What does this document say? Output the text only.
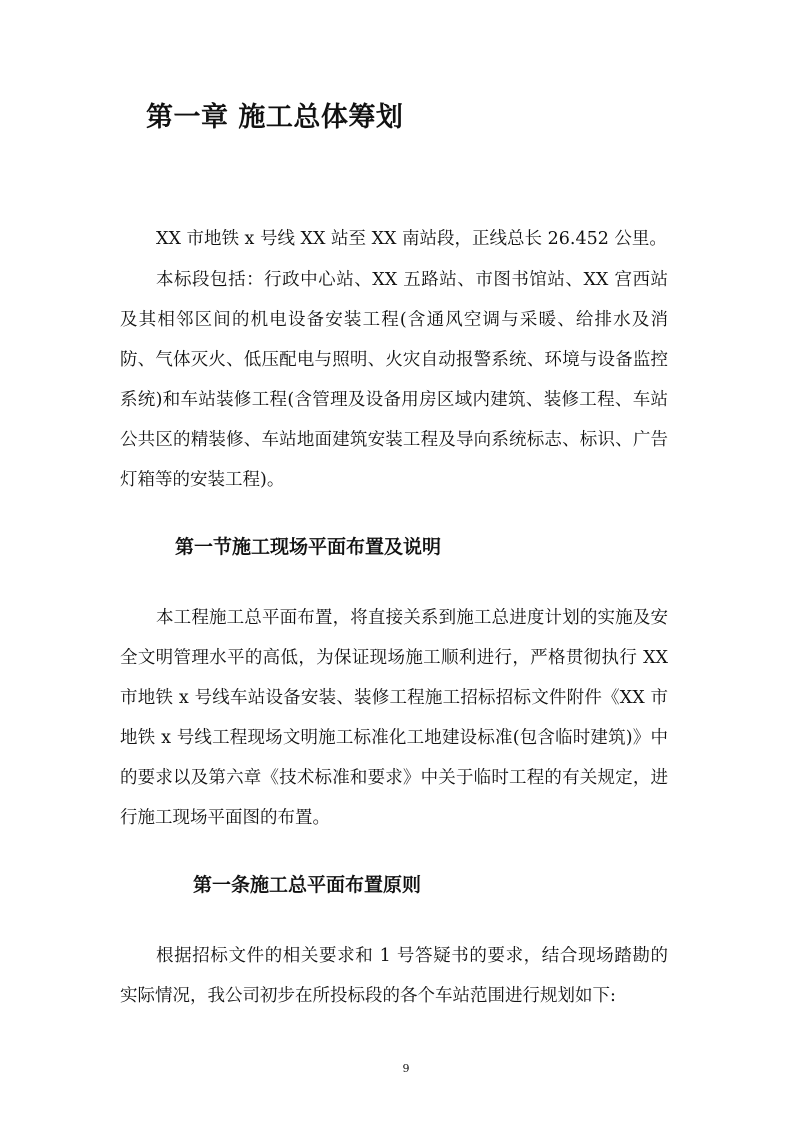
第一章 施工总体筹划

XX 市地铁 x 号线 XX 站至 XX 南站段，正线总长 26.452 公里。

本标段包括：行政中心站、XX 五路站、市图书馆站、XX 宫西站及其相邻区间的机电设备安装工程(含通风空调与采暖、给排水及消防、气体灭火、低压配电与照明、火灾自动报警系统、环境与设备监控系统)和车站装修工程(含管理及设备用房区域内建筑、装修工程、车站公共区的精装修、车站地面建筑安装工程及导向系统标志、标识、广告灯箱等的安装工程)。

第一节施工现场平面布置及说明

本工程施工总平面布置，将直接关系到施工总进度计划的实施及安全文明管理水平的高低，为保证现场施工顺利进行，严格贯彻执行 XX 市地铁 x 号线车站设备安装、装修工程施工招标招标文件附件《XX 市地铁 x 号线工程现场文明施工标准化工地建设标准(包含临时建筑)》中的要求以及第六章《技术标准和要求》中关于临时工程的有关规定，进行施工现场平面图的布置。

第一条施工总平面布置原则

根据招标文件的相关要求和 1 号答疑书的要求，结合现场踏勘的实际情况，我公司初步在所投标段的各个车站范围进行规划如下:

9
